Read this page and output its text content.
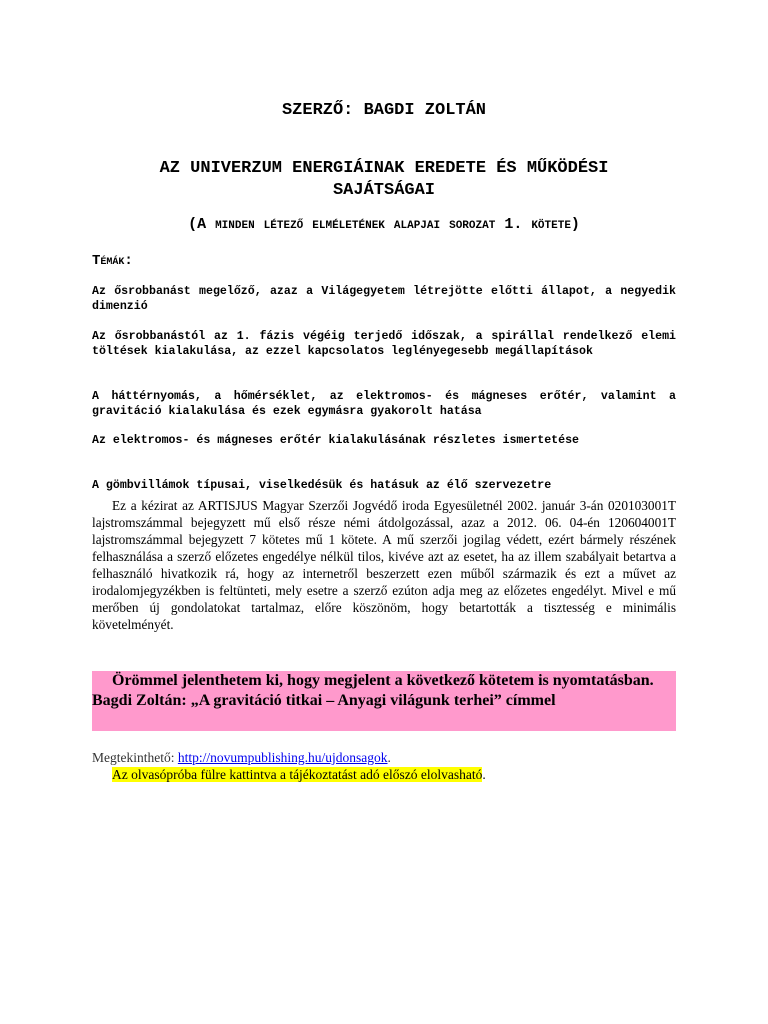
SZERZŐ: BAGDI ZOLTÁN
AZ UNIVERZUM ENERGIÁINAK EREDETE ÉS MŰKÖDÉSI
SAJÁTSÁGAI
(A minden létező elméletének alapjai sorozat 1. kötete)
Témák:
Az ősrobbanást megelőző, azaz a Világegyetem létrejötte előtti állapot, a negyedik dimenzió
Az ősrobbanástól az 1. fázis végéig terjedő időszak, a spirállal rendelkező elemi töltések kialakulása, az ezzel kapcsolatos leglényegesebb megállapítások
A háttérnyomás, a hőmérséklet, az elektromos- és mágneses erőtér, valamint a gravitáció kialakulása és ezek egymásra gyakorolt hatása
Az elektromos- és mágneses erőtér kialakulásának részletes ismertetése
A gömbvillámok típusai, viselkedésük és hatásuk az élő szervezetre
Ez a kézirat az ARTISJUS Magyar Szerzői Jogvédő iroda Egyesületnél 2002. január 3-án 020103001T lajstromszámmal bejegyzett mű első része némi átdolgozással, azaz a 2012. 06. 04-én 120604001T lajstromszámmal bejegyzett 7 kötetes mű 1 kötete. A mű szerzői jogilag védett, ezért bármely részének felhasználása a szerző előzetes engedélye nélkül tilos, kivéve azt az esetet, ha az illem szabályait betartva a felhasználó hivatkozik rá, hogy az internetről beszerzett ezen műből származik és ezt a művet az irodalomjegyzékben is feltünteti, mely esetre a szerző ezúton adja meg az előzetes engedélyt. Mivel e mű merőben új gondolatokat tartalmaz, előre köszönöm, hogy betartották a tisztesség e minimális követelményét.
Örömmel jelenthetem ki, hogy megjelent a következő kötetem is nyomtatásban.
Bagdi Zoltán: „A gravitáció titkai – Anyagi világunk terhei” címmel
Megtekinthető: http://novumpublishing.hu/ujdonsagok.
Az olvasópróba fülre kattintva a tájékoztatást adó előszó elolvasható.
